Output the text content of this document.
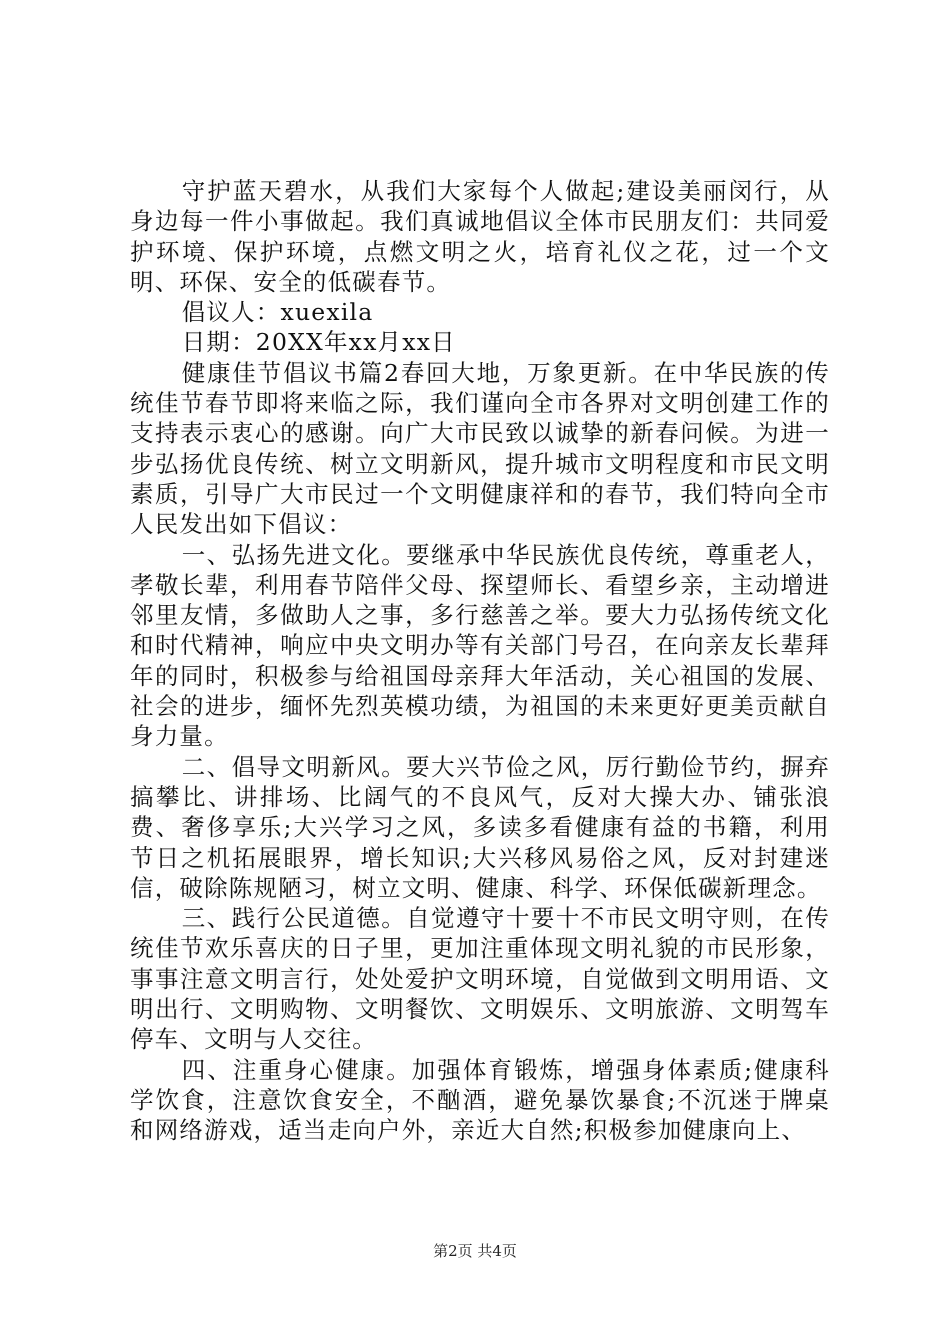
守护蓝天碧水，从我们大家每个人做起;建设美丽闵行，从身边每一件小事做起。我们真诚地倡议全体市民朋友们：共同爱护环境、保护环境，点燃文明之火，培育礼仪之花，过一个文明、环保、安全的低碳春节。

倡议人：xuexila

日期：20XX年xx月xx日

健康佳节倡议书篇2春回大地，万象更新。在中华民族的传统佳节春节即将来临之际，我们谨向全市各界对文明创建工作的支持表示衷心的感谢。向广大市民致以诚挚的新春问候。为进一步弘扬优良传统、树立文明新风，提升城市文明程度和市民文明素质，引导广大市民过一个文明健康祥和的春节，我们特向全市人民发出如下倡议：

一、弘扬先进文化。要继承中华民族优良传统，尊重老人，孝敬长辈，利用春节陪伴父母、探望师长、看望乡亲，主动增进邻里友情，多做助人之事，多行慈善之举。要大力弘扬传统文化和时代精神，响应中央文明办等有关部门号召，在向亲友长辈拜年的同时，积极参与给祖国母亲拜大年活动，关心祖国的发展、社会的进步，缅怀先烈英模功绩，为祖国的未来更好更美贡献自身力量。

二、倡导文明新风。要大兴节俭之风，厉行勤俭节约，摒弃搞攀比、讲排场、比阔气的不良风气，反对大操大办、铺张浪费、奢侈享乐;大兴学习之风，多读多看健康有益的书籍，利用节日之机拓展眼界，增长知识;大兴移风易俗之风，反对封建迷信，破除陈规陋习，树立文明、健康、科学、环保低碳新理念。

三、践行公民道德。自觉遵守十要十不市民文明守则，在传统佳节欢乐喜庆的日子里，更加注重体现文明礼貌的市民形象，事事注意文明言行，处处爱护文明环境，自觉做到文明用语、文明出行、文明购物、文明餐饮、文明娱乐、文明旅游、文明驾车停车、文明与人交往。

四、注重身心健康。加强体育锻炼，增强身体素质;健康科学饮食，注意饮食安全，不酗酒，避免暴饮暴食;不沉迷于牌桌和网络游戏，适当走向户外，亲近大自然;积极参加健康向上、

第2页 共4页
